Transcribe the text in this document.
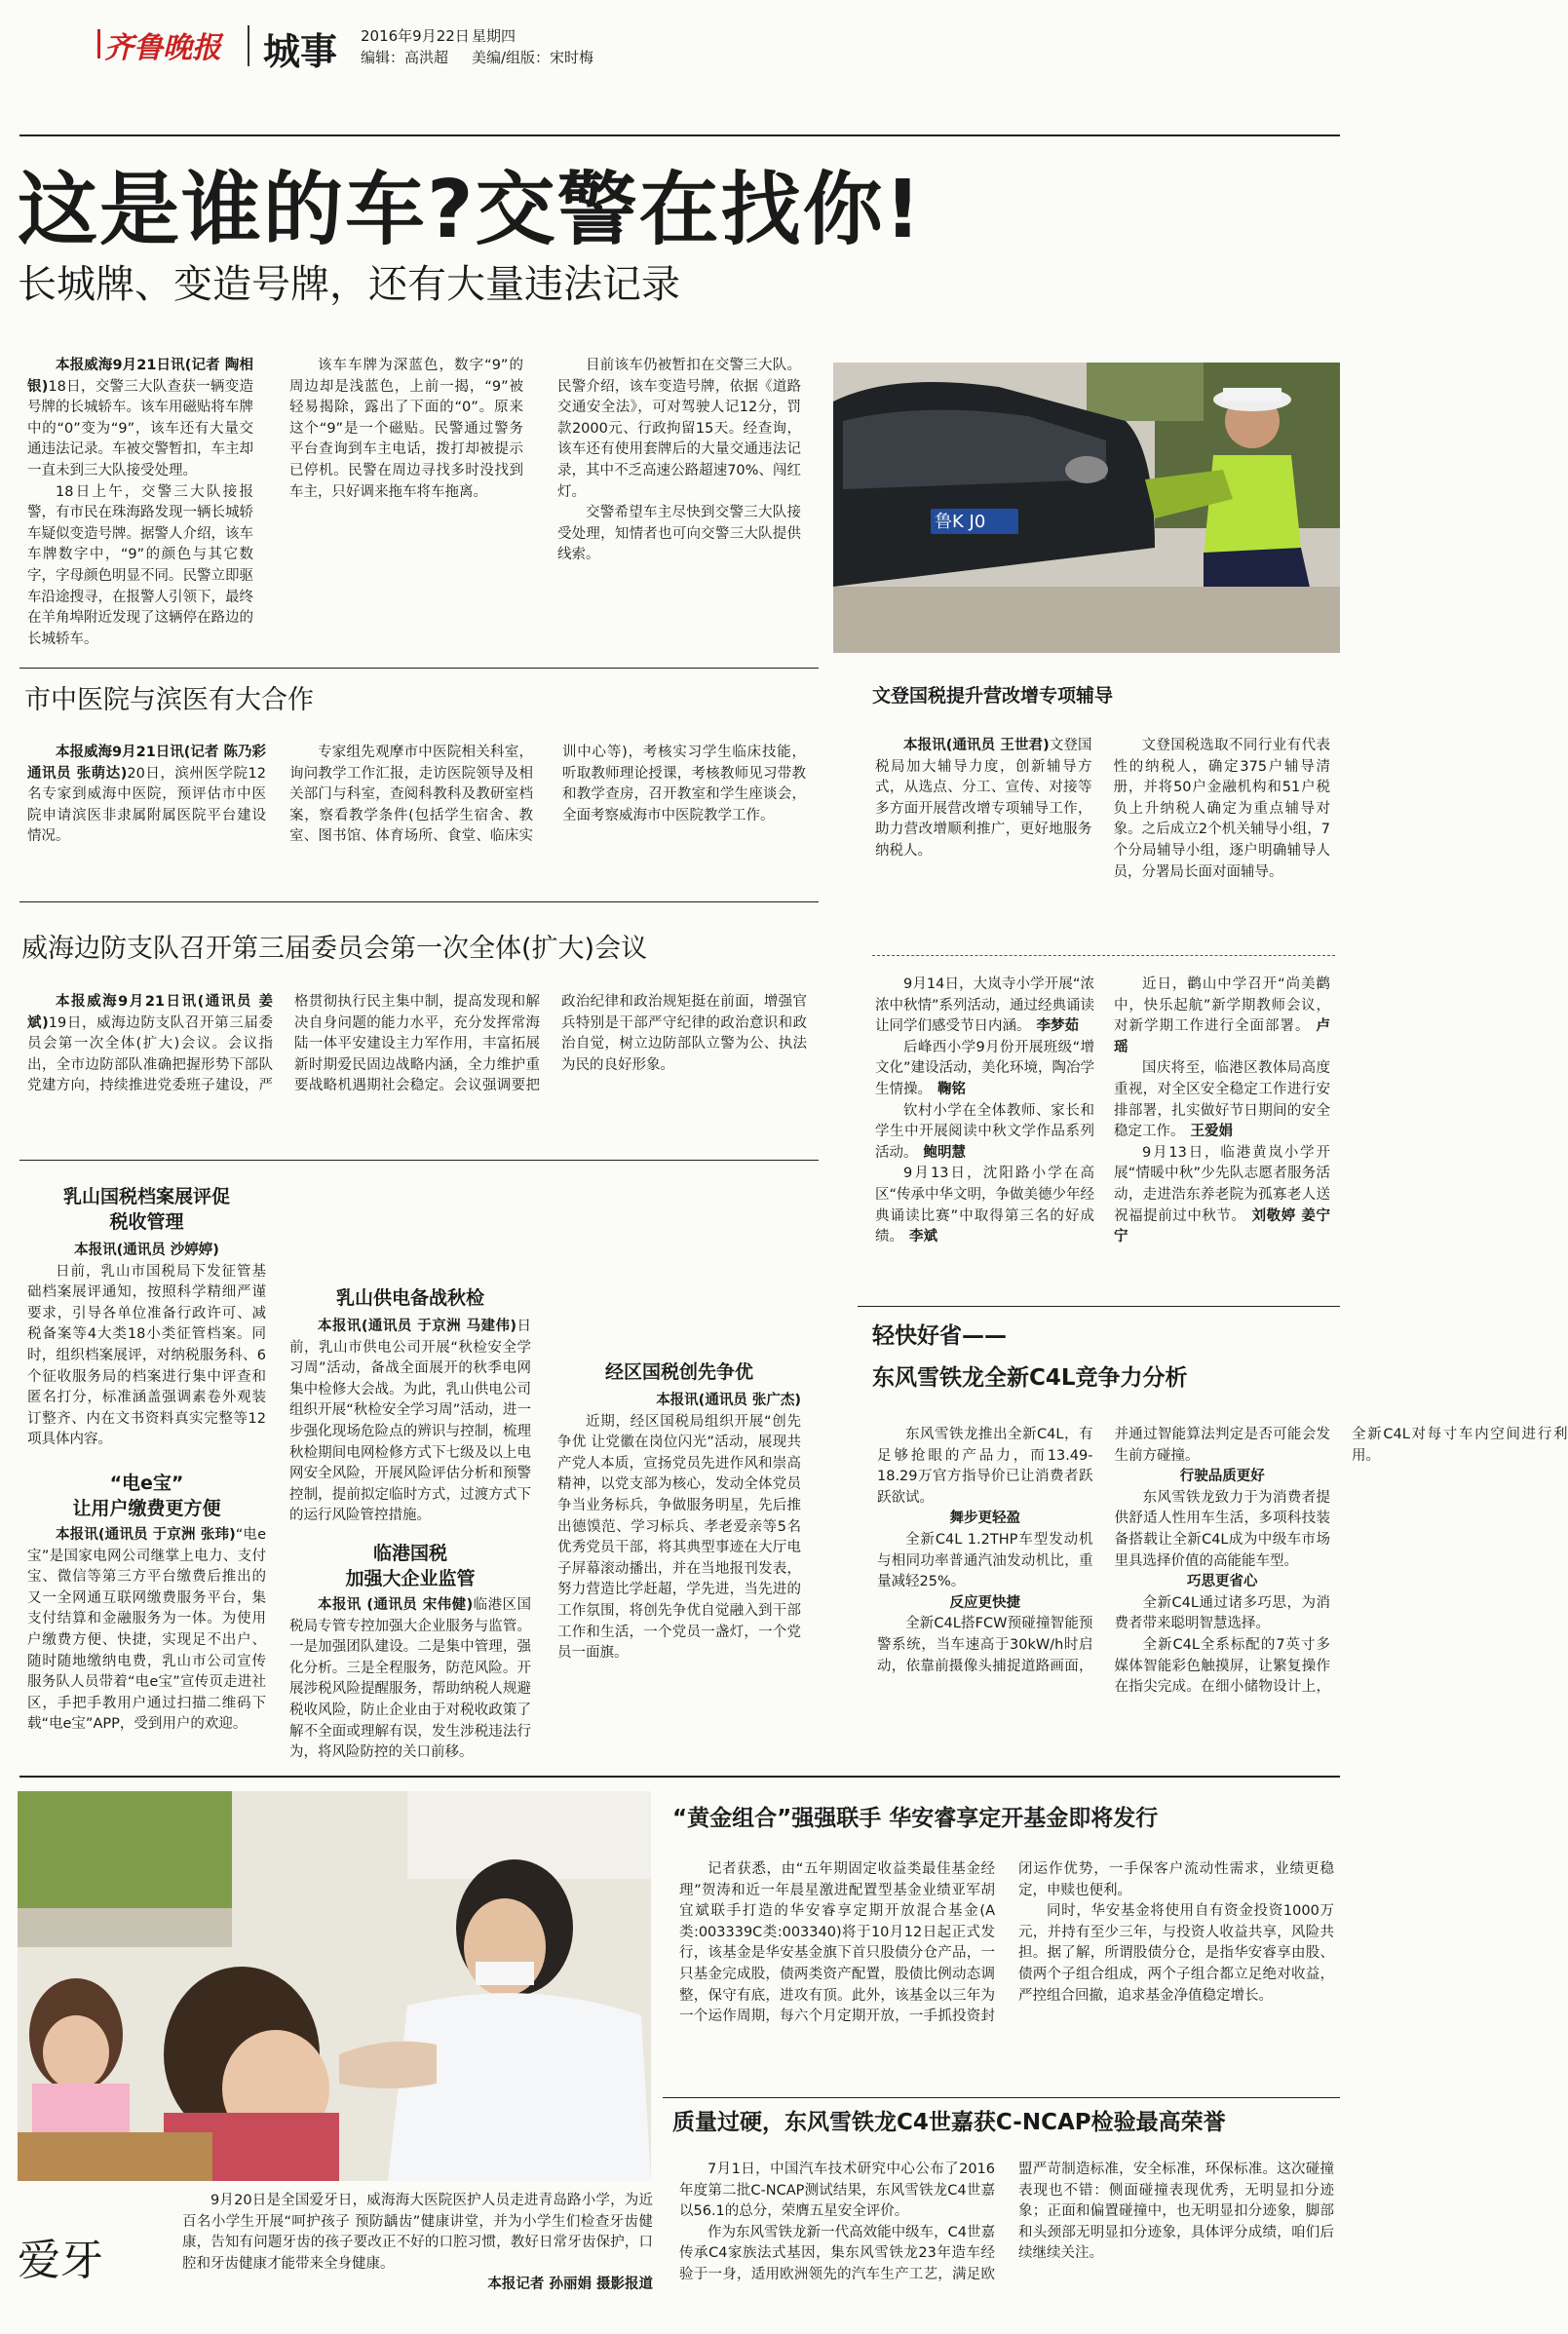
齐鲁晚报 城事 2016年9月22日 星期四
编辑：高洪超 美编/组版：宋时梅
这是谁的车?交警在找你!
长城牌、变造号牌，还有大量违法记录

本报威海9月21日讯(记者 陶相银)18日，交警三大队查获一辆变造号牌的长城轿车。该车用磁贴将车牌中的“0”变为“9”，该车还有大量交通违法记录。车被交警暂扣，车主却一直未到三大队接受处理。

18日上午，交警三大队接报警，有市民在珠海路发现一辆长城轿车疑似变造号牌。据警人介绍，该车车牌数字中，“9”的颜色与其它数字，字母颜色明显不同。民警立即驱车沿途搜寻，在报警人引领下，最终在羊角埠附近发现了这辆停在路边的长城轿车。

该车车牌为深蓝色，数字“9”的周边却是浅蓝色，上前一揭，“9”被轻易揭除，露出了下面的“0”。原来这个“9”是一个磁贴。民警通过警务平台查询到车主电话，拨打却被提示已停机。民警在周边寻找多时没找到车主，只好调来拖车将车拖离。

目前该车仍被暂扣在交警三大队。民警介绍，该车变造号牌，依据《道路交通安全法》，可对驾驶人记12分，罚款2000元、行政拘留15天。经查询，该车还有使用套牌后的大量交通违法记录，其中不乏高速公路超速70%、闯红灯。

交警希望车主尽快到交警三大队接受处理，知情者也可向交警三大队提供线索。

鲁K J0
市中医院与滨医有大合作

本报威海9月21日讯(记者 陈乃彩 通讯员 张萌达)20日，滨州医学院12名专家到威海中医院，预评估市中医院申请滨医非隶属附属医院平台建设情况。

专家组先观摩市中医院相关科室，询问教学工作汇报，走访医院领导及相关部门与科室，查阅科教科及教研室档案，察看教学条件(包括学生宿舍、教室、图书馆、体育场所、食堂、临床实训中心等)，考核实习学生临床技能，听取教师理论授课，考核教师见习带教和教学查房，召开教室和学生座谈会，全面考察威海市中医院教学工作。

威海边防支队召开第三届委员会第一次全体(扩大)会议

本报威海9月21日讯(通讯员 姜斌)19日，威海边防支队召开第三届委员会第一次全体(扩大)会议。会议指出，全市边防部队准确把握形势下部队党建方向，持续推进党委班子建设，严格贯彻执行民主集中制，提高发现和解决自身问题的能力水平，充分发挥常海陆一体平安建设主力军作用，丰富拓展新时期爱民固边战略内涵，全力维护重要战略机遇期社会稳定。会议强调要把政治纪律和政治规矩挺在前面，增强官兵特别是干部严守纪律的政治意识和政治自觉，树立边防部队立警为公、执法为民的良好形象。

乳山国税档案展评促税收管理
本报讯(通讯员 沙婷婷)

日前，乳山市国税局下发征管基础档案展评通知，按照科学精细严谨要求，引导各单位准备行政许可、减税备案等4大类18小类征管档案。同时，组织档案展评，对纳税服务科、6个征收服务局的档案进行集中评查和匿名打分，标准涵盖强调素卷外观装订整齐、内在文书资料真实完整等12项具体内容。

“电e宝”
让用户缴费更方便

本报讯(通讯员 于京洲 张玮)“电e宝”是国家电网公司继掌上电力、支付宝、微信等第三方平台缴费后推出的又一全网通互联网缴费服务平台，集支付结算和金融服务为一体。为使用户缴费方便、快捷，实现足不出户、随时随地缴纳电费，乳山市公司宣传服务队人员带着“电e宝”宣传页走进社区，手把手教用户通过扫描二维码下载“电e宝”APP，受到用户的欢迎。

乳山供电备战秋检

本报讯(通讯员 于京洲 马建伟)日前，乳山市供电公司开展“秋检安全学习周”活动，备战全面展开的秋季电网集中检修大会战。为此，乳山供电公司组织开展“秋检安全学习周”活动，进一步强化现场危险点的辨识与控制，梳理秋检期间电网检修方式下七级及以上电网安全风险，开展风险评估分析和预警控制，提前拟定临时方式，过渡方式下的运行风险管控措施。

临港国税
加强大企业监管

本报讯 (通讯员 宋伟健)临港区国税局专管专控加强大企业服务与监管。一是加强团队建设。二是集中管理，强化分析。三是全程服务，防范风险。开展涉税风险提醒服务，帮助纳税人规避税收风险，防止企业由于对税收政策了解不全面或理解有误，发生涉税违法行为，将风险防控的关口前移。

经区国税创先争优
本报讯(通讯员 张广杰)

近期，经区国税局组织开展“创先争优 让党徽在岗位闪光”活动，展现共产党人本质，宣扬党员先进作风和崇高精神，以党支部为核心，发动全体党员争当业务标兵，争做服务明星，先后推出德馍范、学习标兵、孝老爱亲等5名优秀党员干部，将其典型事迹在大厅电子屏幕滚动播出，并在当地报刊发表，努力营造比学赶超，学先进，当先进的工作氛围，将创先争优自觉融入到干部工作和生活，一个党员一盏灯，一个党员一面旗。

文登国税提升营改增专项辅导

本报讯(通讯员 王世君)文登国税局加大辅导力度，创新辅导方式，从选点、分工、宣传、对接等多方面开展营改增专项辅导工作，助力营改增顺利推广，更好地服务纳税人。

文登国税选取不同行业有代表性的纳税人，确定375户辅导清册，并将50户金融机构和51户税负上升纳税人确定为重点辅导对象。之后成立2个机关辅导小组，7个分局辅导小组，逐户明确辅导人员，分署局长面对面辅导。

9月14日，大岚寺小学开展“浓浓中秋情”系列活动，通过经典诵读让同学们感受节日内涵。 李梦茹

后峰西小学9月份开展班级“增文化”建设活动，美化环境，陶冶学生情操。 鞠铭

钦村小学在全体教师、家长和学生中开展阅读中秋文学作品系列活动。 鲍明慧

9月13日，沈阳路小学在高区“传承中华文明，争做美德少年经典诵读比赛”中取得第三名的好成绩。 李斌

近日，鹳山中学召开“尚美鹳中，快乐起航”新学期教师会议，对新学期工作进行全面部署。 卢瑶

国庆将至，临港区教体局高度重视，对全区安全稳定工作进行安排部署，扎实做好节日期间的安全稳定工作。 王爱娟

9月13日，临港黄岚小学开展“情暖中秋”少先队志愿者服务活动，走进浩东养老院为孤寡老人送祝福提前过中秋节。 刘敬婷 姜宁宁

轻快好省——
东风雪铁龙全新C4L竞争力分析

东风雪铁龙推出全新C4L，有足够抢眼的产品力，而13.49-18.29万官方指导价已让消费者跃跃欲试。

舞步更轻盈

全新C4L 1.2THP车型发动机与相同功率普通汽油发动机比，重量减轻25%。

反应更快捷

全新C4L搭FCW预碰撞智能预警系统，当车速高于30kW/h时启动，依靠前摄像头捕捉道路画面，并通过智能算法判定是否可能会发生前方碰撞。

行驶品质更好

东风雪铁龙致力于为消费者提供舒适人性用车生活，多项科技装备搭载让全新C4L成为中级车市场里具选择价值的高能能车型。

巧思更省心

全新C4L通过诸多巧思，为消费者带来聪明智慧选择。

全新C4L全系标配的7英寸多媒体智能彩色触摸屏，让繁复操作在指尖完成。在细小储物设计上，全新C4L对每寸车内空间进行利用。

爱牙

9月20日是全国爱牙日，威海海大医院医护人员走进青岛路小学，为近百名小学生开展“呵护孩子 预防龋齿”健康讲堂，并为小学生们检查牙齿健康，告知有问题牙齿的孩子要改正不好的口腔习惯，教好日常牙齿保护，口腔和牙齿健康才能带来全身健康。

本报记者 孙丽娟 摄影报道
“黄金组合”强强联手 华安睿享定开基金即将发行

记者获悉，由“五年期固定收益类最佳基金经理”贺涛和近一年晨星激进配置型基金业绩亚军胡宜斌联手打造的华安睿享定期开放混合基金(A类:003339C类:003340)将于10月12日起正式发行，该基金是华安基金旗下首只股债分仓产品，一只基金完成股，债两类资产配置，股债比例动态调整，保守有底，进攻有顶。此外，该基金以三年为一个运作周期，每六个月定期开放，一手抓投资封闭运作优势，一手保客户流动性需求，业绩更稳定，申赎也便利。

同时，华安基金将使用自有资金投资1000万元，并持有至少三年，与投资人收益共享，风险共担。据了解，所谓股债分仓，是指华安睿享由股、债两个子组合组成，两个子组合都立足绝对收益，严控组合回撤，追求基金净值稳定增长。

质量过硬，东风雪铁龙C4世嘉获C-NCAP检验最高荣誉

7月1日，中国汽车技术研究中心公布了2016年度第二批C-NCAP测试结果，东风雪铁龙C4世嘉以56.1的总分，荣膺五星安全评价。

作为东风雪铁龙新一代高效能中级车，C4世嘉传承C4家族法式基因，集东风雪铁龙23年造车经验于一身，适用欧洲领先的汽车生产工艺，满足欧盟严苛制造标准，安全标准，环保标准。这次碰撞表现也不错：侧面碰撞表现优秀，无明显扣分迹象；正面和偏置碰撞中，也无明显扣分迹象，脚部和头颈部无明显扣分迹象，具体评分成绩，咱们后续继续关注。
